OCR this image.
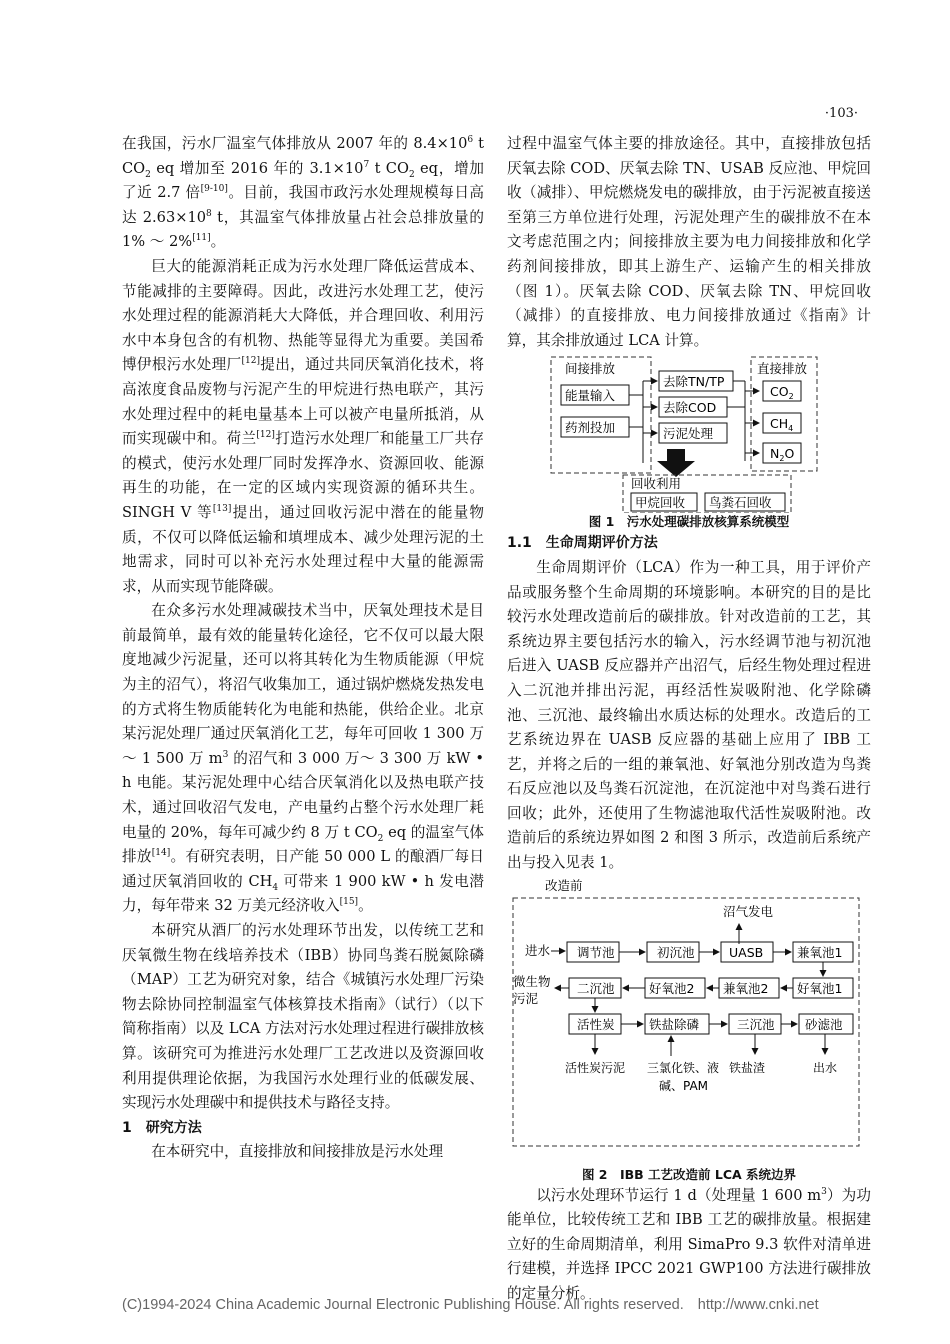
·103·

在我国，污水厂温室气体排放从 2007 年的 $8.4\times 10^6$ t $CO_2$ eq 增加至 2016 年的 $3.1\times 10^7$ t $CO_2$ eq，增加了近 2.7 倍[9-10]。目前，我国市政污水处理规模每日高达 $2.63\times 10^8$ t，其温室气体排放量占社会总排放量的 1% ～ 2%[11]。

巨大的能源消耗正成为污水处理厂降低运营成本、节能减排的主要障碍。因此，改进污水处理工艺，使污水处理过程的能源消耗大大降低，并合理回收、利用污水中本身包含的有机物、热能等显得尤为重要。美国希博伊根污水处理厂[12]提出，通过共同厌氧消化技术，将高浓度食品废物与污泥产生的甲烷进行热电联产，其污水处理过程中的耗电量基本上可以被产电量所抵消，从而实现碳中和。荷兰[12]打造污水处理厂和能量工厂共存的模式，使污水处理厂同时发挥净水、资源回收、能源再生的功能，在一定的区域内实现资源的循环共生。SINGH V 等[13]提出，通过回收污泥中潜在的能量物质，不仅可以降低运输和填埋成本、减少处理污泥的土地需求，同时可以补充污水处理过程中大量的能源需求，从而实现节能降碳。

在众多污水处理减碳技术当中，厌氧处理技术是目前最简单，最有效的能量转化途径，它不仅可以最大限度地减少污泥量，还可以将其转化为生物质能源（甲烷为主的沼气），将沼气收集加工，通过锅炉燃烧发热发电的方式将生物质能转化为电能和热能，供给企业。北京某污泥处理厂通过厌氧消化工艺，每年可回收 1 300 万～ 1 500 万 $m^3$ 的沼气和 3 000 万～ 3 300 万 kW • h 电能。某污泥处理中心结合厌氧消化以及热电联产技术，通过回收沼气发电，产电量约占整个污水处理厂耗电量的 20%，每年可减少约 8 万 t $CO_2$ eq 的温室气体排放[14]。有研究表明，日产能 50 000 L 的酿酒厂每日通过厌氧消回收的 $CH_4$ 可带来 1 900 kW • h 发电潜力，每年带来 32 万美元经济收入[15]。

本研究从酒厂的污水处理环节出发，以传统工艺和厌氧微生物在线培养技术（IBB）协同鸟粪石脱氮除磷（MAP）工艺为研究对象，结合《城镇污水处理厂污染物去除协同控制温室气体核算技术指南》（试行）（以下简称指南）以及 LCA 方法对污水处理过程进行碳排放核算。该研究可为推进污水处理厂工艺改进以及资源回收利用提供理论依据，为我国污水处理行业的低碳发展、实现污水处理碳中和提供技术与路径支持。

1　研究方法

在本研究中，直接排放和间接排放是污水处理

过程中温室气体主要的排放途径。其中，直接排放包括厌氧去除 COD、厌氧去除 TN、USAB 反应池、甲烷回收（减排）、甲烷燃烧发电的碳排放，由于污泥被直接送至第三方单位进行处理，污泥处理产生的碳排放不在本文考虑范围之内；间接排放主要为电力间接排放和化学药剂间接排放，即其上游生产、运输产生的相关排放（图 1）。厌氧去除 COD、厌氧去除 TN、甲烷回收（减排）的直接排放、电力间接排放通过《指南》计算，其余排放通过 LCA 计算。

间接排放
能量输入
药剂投加
去除TN/TP
去除COD
污泥处理
直接排放
$CO_2$
$CH_4$
$N_2O$
回收利用
甲烷回收 鸟粪石回收
图 1　污水处理碳排放核算系统模型

1.1　生命周期评价方法

生命周期评价（LCA）作为一种工具，用于评价产品或服务整个生命周期的环境影响。本研究的目的是比较污水处理改造前后的碳排放。针对改造前的工艺，其系统边界主要包括污水的输入，污水经调节池与初沉池后进入 UASB 反应器并产出沼气，后经生物处理过程进入二沉池并排出污泥，再经活性炭吸附池、化学除磷池、三沉池、最终输出水质达标的处理水。改造后的工艺系统边界在 UASB 反应器的基础上应用了 IBB 工艺，并将之后的一组的兼氧池、好氧池分别改造为鸟粪石反应池以及鸟粪石沉淀池，在沉淀池中对鸟粪石进行回收；此外，还使用了生物滤池取代活性炭吸附池。改造前后的系统边界如图 2 和图 3 所示，改造前后系统产出与投入见表 1。

改造前
沼气发电
进水 调节池	初沉池	UASB	兼氧池1
微生物
污泥
二沉池	好氧池2 兼氧池2 好氧池1
活性炭	铁盐除磷	三沉池 砂滤池
活性炭污泥 三氯化铁、液
碱、PAM
铁盐渣	出水
图 2　IBB 工艺改造前 LCA 系统边界

以污水处理环节运行 1 d（处理量 1 600 $m^3$）为功能单位，比较传统工艺和 IBB 工艺的碳排放量。根据建立好的生命周期清单，利用 SimaPro 9.3 软件对清单进行建模，并选择 IPCC 2021 GWP100 方法进行碳排放的定量分析。

(C)1994-2024 China Academic Journal Electronic Publishing House. All rights reserved. http://www.cnki.net
